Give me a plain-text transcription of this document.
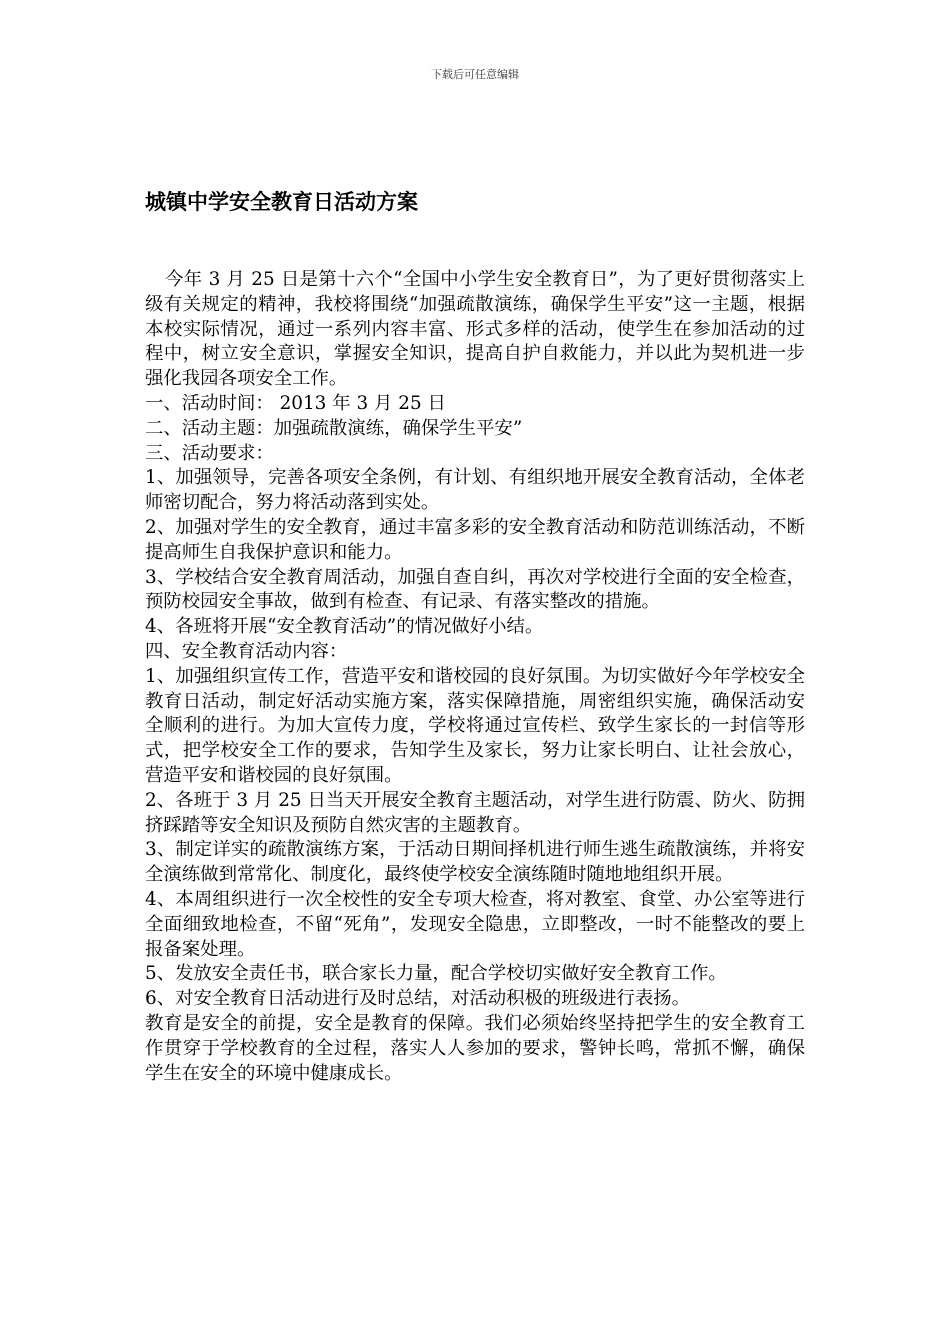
下载后可任意编辑
城镇中学安全教育日活动方案

今年 3 月 25 日是第十六个“全国中小学生安全教育日”，为了更好贯彻落实上级有关规定的精神，我校将围绕“加强疏散演练，确保学生平安”这一主题，根据本校实际情况，通过一系列内容丰富、形式多样的活动，使学生在参加活动的过程中，树立安全意识，掌握安全知识，提高自护自救能力，并以此为契机进一步强化我园各项安全工作。

一、活动时间： 2013 年 3 月 25 日

二、活动主题：加强疏散演练，确保学生平安”

三、活动要求：

1、加强领导，完善各项安全条例，有计划、有组织地开展安全教育活动，全体老师密切配合，努力将活动落到实处。

2、加强对学生的安全教育，通过丰富多彩的安全教育活动和防范训练活动，不断提高师生自我保护意识和能力。

3、学校结合安全教育周活动，加强自查自纠，再次对学校进行全面的安全检查，预防校园安全事故，做到有检查、有记录、有落实整改的措施。

4、各班将开展“安全教育活动”的情况做好小结。

四、安全教育活动内容：

1、加强组织宣传工作，营造平安和谐校园的良好氛围。为切实做好今年学校安全教育日活动，制定好活动实施方案，落实保障措施，周密组织实施，确保活动安全顺利的进行。为加大宣传力度，学校将通过宣传栏、致学生家长的一封信等形式，把学校安全工作的要求，告知学生及家长，努力让家长明白、让社会放心，营造平安和谐校园的良好氛围。

2、各班于 3 月 25 日当天开展安全教育主题活动，对学生进行防震、防火、防拥挤踩踏等安全知识及预防自然灾害的主题教育。

3、制定详实的疏散演练方案，于活动日期间择机进行师生逃生疏散演练，并将安全演练做到常常化、制度化，最终使学校安全演练随时随地地组织开展。

4、本周组织进行一次全校性的安全专项大检查，将对教室、食堂、办公室等进行全面细致地检查，不留“死角”，发现安全隐患，立即整改，一时不能整改的要上报备案处理。

5、发放安全责任书，联合家长力量，配合学校切实做好安全教育工作。

6、对安全教育日活动进行及时总结，对活动积极的班级进行表扬。

教育是安全的前提，安全是教育的保障。我们必须始终坚持把学生的安全教育工作贯穿于学校教育的全过程，落实人人参加的要求，警钟长鸣，常抓不懈，确保学生在安全的环境中健康成长。
